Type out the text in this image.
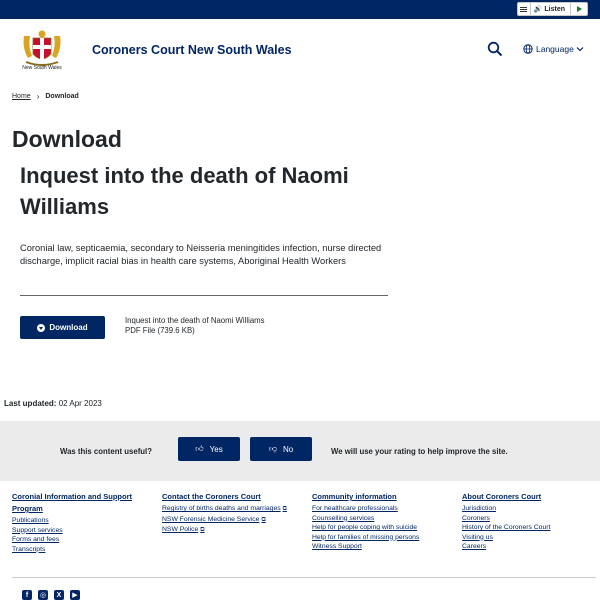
🔊 Listen
New South Wales
Coroners Court New South Wales	Language
Home › Download
Download
Inquest into the death of Naomi Williams

Coronial law, septicaemia, secondary to Neisseria meningitides infection, nurse directed discharge, implicit racial bias in health care systems, Aboriginal Health Workers

Download
Inquest into the death of Naomi Williams
PDF File (739.6 KB)
Last updated: 02 Apr 2023
Was this content useful?	👍︎ Yes	👎︎ No	We will use your rating to help improve the site.
Coronial Information and Support Program
Publications
Support services
Forms and fees
Transcripts
Contact the Coroners Court
Registry of births deaths and marriages ⧉
NSW Forensic Medicine Service ⧉
NSW Police ⧉
Community information
For healthcare professionals
Counselling services
Help for people coping with suicide
Help for families of missing persons
Witness Support
About Coroners Court
Jurisdiction
Coroners
History of the Coroners Court
Visiting us
Careers
f	◎	X	▶
